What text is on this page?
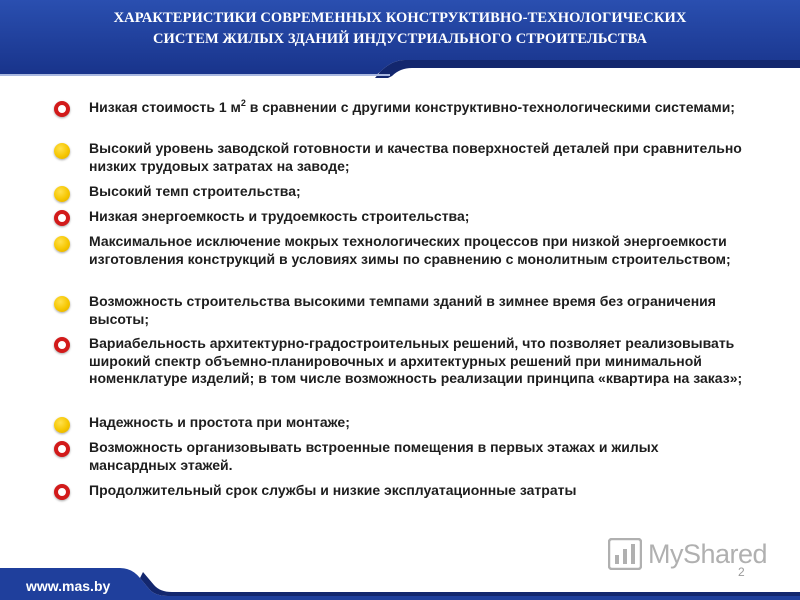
ХАРАКТЕРИСТИКИ СОВРЕМЕННЫХ КОНСТРУКТИВНО-ТЕХНОЛОГИЧЕСКИХ
СИСТЕМ ЖИЛЫХ ЗДАНИЙ ИНДУСТРИАЛЬНОГО СТРОИТЕЛЬСТВА
Низкая стоимость 1 $м^2$ в сравнении с другими конструктивно-технологическими системами;
Высокий уровень заводской готовности и качества поверхностей деталей при сравнительно низких трудовых затратах на заводе;
Высокий темп строительства;
Низкая энергоемкость и трудоемкость строительства;
Максимальное исключение мокрых технологических процессов при низкой энергоемкости изготовления конструкций в условиях зимы по сравнению с монолитным строительством;
Возможность строительства высокими темпами зданий в зимнее время без ограничения высоты;
Вариабельность архитектурно-градостроительных решений, что позволяет реализовывать широкий спектр объемно-планировочных и архитектурных решений при минимальной номенклатуре изделий; в том числе возможность реализации принципа «квартира на заказ»;
Надежность и простота при монтаже;
Возможность организовывать встроенные помещения в первых этажах и жилых мансардных этажей.
Продолжительный срок службы и низкие эксплуатационные затраты
MyShared
2
www.mas.by
